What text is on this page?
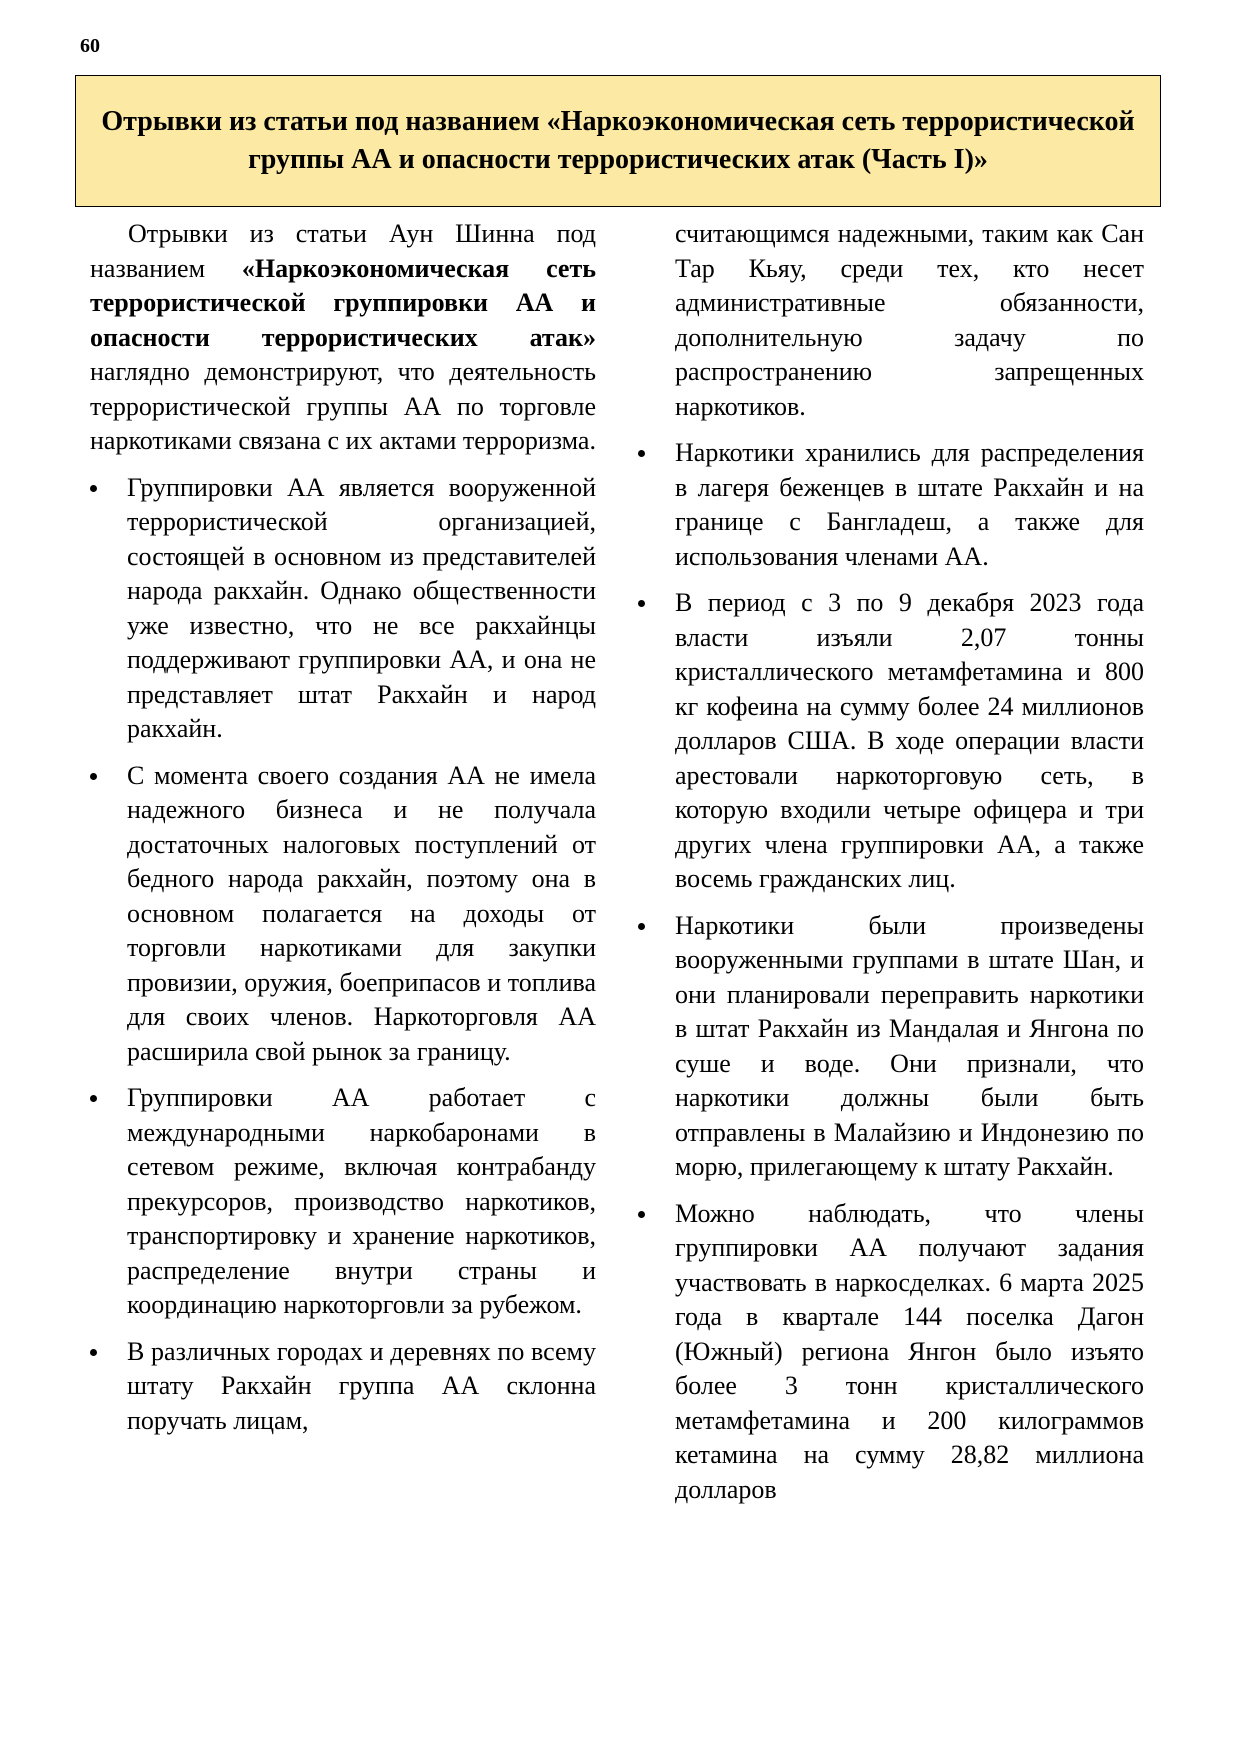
60
Отрывки из статьи под названием «Наркоэкономическая сеть террористической группы АА и опасности террористических атак (Часть I)»

Отрывки из статьи Аун Шинна под названием «Наркоэкономическая сеть террористической группировки АА и опасности террористических атак» наглядно демонстрируют, что деятельность террористической группы АА по торговле наркотиками связана с их актами терроризма.

Группировки АА является вооруженной террористической организацией, состоящей в основном из представителей народа ракхайн. Однако общественности уже известно, что не все ракхайнцы поддерживают группировки АА, и она не представляет штат Ракхайн и народ ракхайн.
С момента своего создания АА не имела надежного бизнеса и не получала достаточных налоговых поступлений от бедного народа ракхайн, поэтому она в основном полагается на доходы от торговли наркотиками для закупки провизии, оружия, боеприпасов и топлива для своих членов. Наркоторговля АА расширила свой рынок за границу.
Группировки АА работает с международными наркобаронами в сетевом режиме, включая контрабанду прекурсоров, производство наркотиков, транспортировку и хранение наркотиков, распределение внутри страны и координацию наркоторговли за рубежом.
В различных городах и деревнях по всему штату Ракхайн группа АА склонна поручать лицам,

считающимся надежными, таким как Сан Тар Кьяу, среди тех, кто несет административные обязанности, дополнительную задачу по распространению запрещенных наркотиков.

Наркотики хранились для распределения в лагеря беженцев в штате Ракхайн и на границе с Бангладеш, а также для использования членами АА.
В период с 3 по 9 декабря 2023 года власти изъяли 2,07 тонны кристаллического метамфетамина и 800 кг кофеина на сумму более 24 миллионов долларов США. В ходе операции власти арестовали наркоторговую сеть, в которую входили четыре офицера и три других члена группировки АА, а также восемь гражданских лиц.
Наркотики были произведены вооруженными группами в штате Шан, и они планировали переправить наркотики в штат Ракхайн из Мандалая и Янгона по суше и воде. Они признали, что наркотики должны были быть отправлены в Малайзию и Индонезию по морю, прилегающему к штату Ракхайн.
Можно наблюдать, что члены группировки АА получают задания участвовать в наркосделках. 6 марта 2025 года в квартале 144 поселка Дагон (Южный) региона Янгон было изъято более 3 тонн кристаллического метамфетамина и 200 килограммов кетамина на сумму 28,82 миллиона долларов
